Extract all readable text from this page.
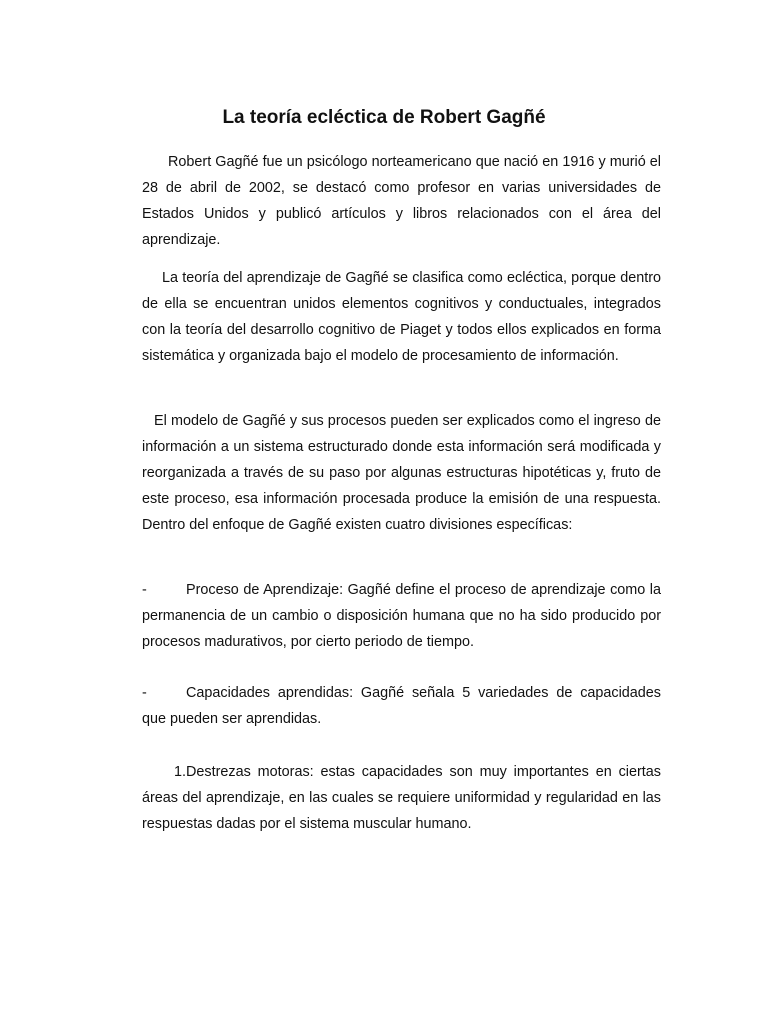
La teoría ecléctica de Robert Gagñé

Robert Gagñé fue un psicólogo norteamericano que nació en 1916 y murió el 28 de abril de 2002, se destacó como profesor en varias universidades de Estados Unidos y publicó artículos y libros relacionados con el área del aprendizaje.

La teoría del aprendizaje de Gagñé se clasifica como ecléctica, porque dentro de ella se encuentran unidos elementos cognitivos y conductuales, integrados con la teoría del desarrollo cognitivo de Piaget y todos ellos explicados en forma sistemática y organizada bajo el modelo de procesamiento de información.

El modelo de Gagñé y sus procesos pueden ser explicados como el ingreso de información a un sistema estructurado donde esta información será modificada y reorganizada a través de su paso por algunas estructuras hipotéticas y, fruto de este proceso, esa información procesada produce la emisión de una respuesta. Dentro del enfoque de Gagñé existen cuatro divisiones específicas:

-	Proceso de Aprendizaje: Gagñé define el proceso de aprendizaje como la permanencia de un cambio o disposición humana que no ha sido producido por procesos madurativos, por cierto periodo de tiempo.
-	Capacidades aprendidas: Gagñé señala 5 variedades de capacidades que pueden ser aprendidas.

1.Destrezas motoras: estas capacidades son muy importantes en ciertas áreas del aprendizaje, en las cuales se requiere uniformidad y regularidad en las respuestas dadas por el sistema muscular humano.
